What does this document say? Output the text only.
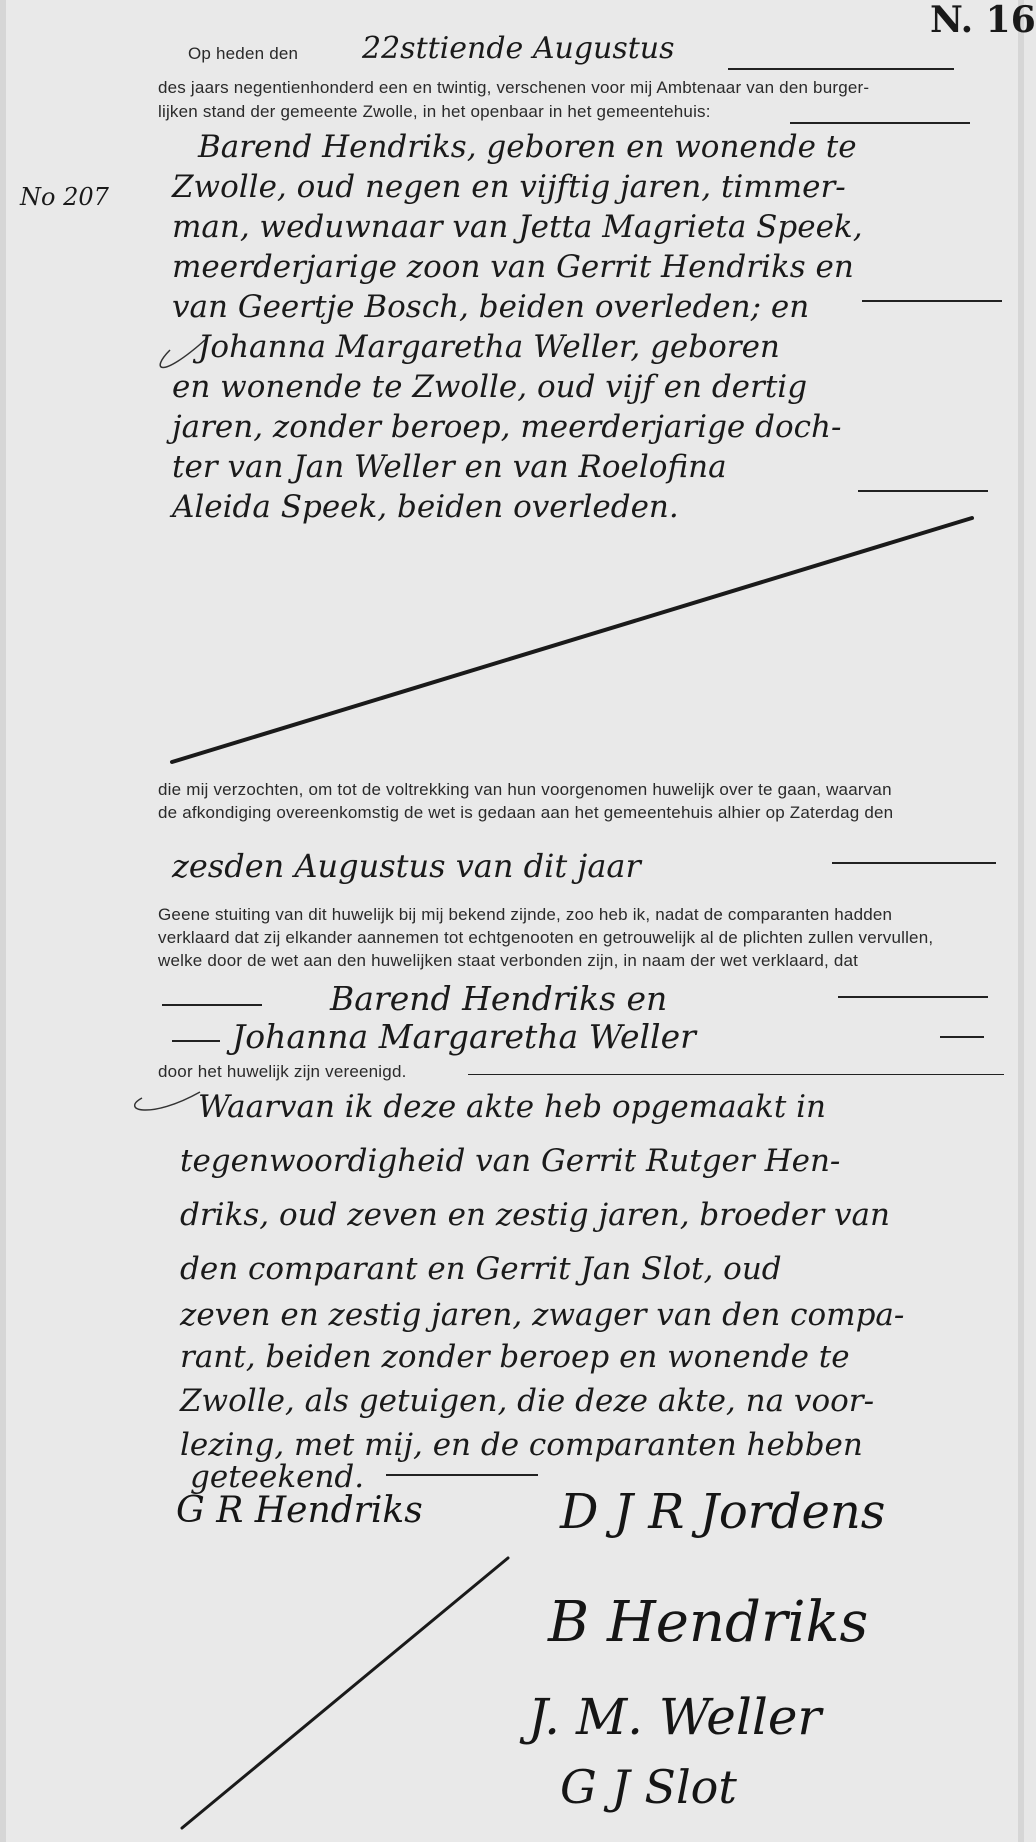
N. 16
No 207
Op heden den 22sttiende Augustus
des jaars negentienhonderd een en twintig, verschenen voor mij Ambtenaar van den burger-
lijken stand der gemeente Zwolle, in het openbaar in het gemeentehuis:
Barend Hendriks, geboren en wonende te
Zwolle, oud negen en vijftig jaren, timmer-
man, weduwnaar van Jetta Magrieta Speek,
meerderjarige zoon van Gerrit Hendriks en
van Geertje Bosch, beiden overleden; en
Johanna Margaretha Weller, geboren
en wonende te Zwolle, oud vijf en dertig
jaren, zonder beroep, meerderjarige doch-
ter van Jan Weller en van Roelofina
Aleida Speek, beiden overleden.
die mij verzochten, om tot de voltrekking van hun voorgenomen huwelijk over te gaan, waarvan
de afkondiging overeenkomstig de wet is gedaan aan het gemeentehuis alhier op Zaterdag den
zesden Augustus van dit jaar
Geene stuiting van dit huwelijk bij mij bekend zijnde, zoo heb ik, nadat de comparanten hadden
verklaard dat zij elkander aannemen tot echtgenooten en getrouwelijk al de plichten zullen vervullen,
welke door de wet aan den huwelijken staat verbonden zijn, in naam der wet verklaard, dat
Barend Hendriks en
Johanna Margaretha Weller
door het huwelijk zijn vereenigd.
Waarvan ik deze akte heb opgemaakt in
tegenwoordigheid van Gerrit Rutger Hen-
driks, oud zeven en zestig jaren, broeder van
den comparant en Gerrit Jan Slot, oud
zeven en zestig jaren, zwager van den compa-
rant, beiden zonder beroep en wonende te
Zwolle, als getuigen, die deze akte, na voor-
lezing, met mij, en de comparanten hebben
geteekend.
G R Hendriks	D J R Jordens
B Hendriks
J. M. Weller
G J Slot
